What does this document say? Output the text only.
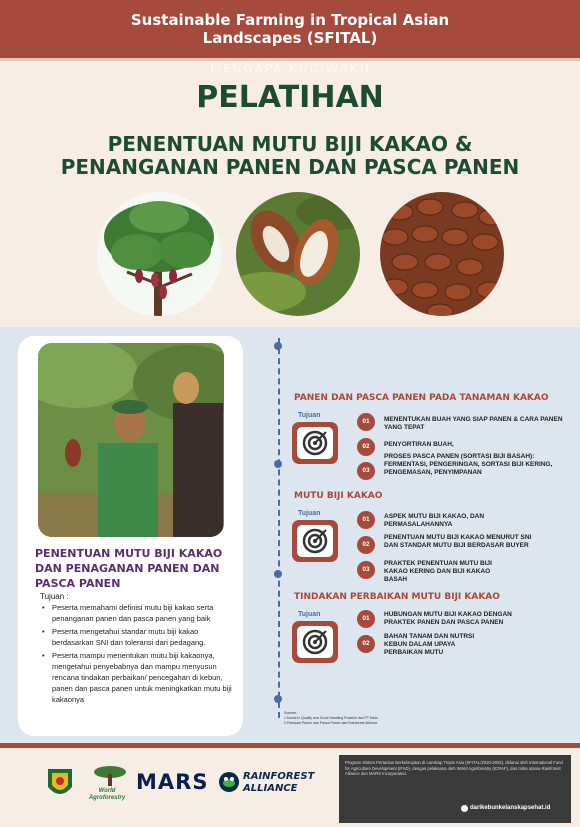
Sustainable Farming in Tropical Asian
Landscapes (SFITAL)
MENGAPA KUGIWAKU
PELATIHAN
PENENTUAN MUTU BIJI KAKAO &
PENANGANAN PANEN DAN PASCA PANEN
PENENTUAN MUTU BIJI KAKAO
DAN PENAGANAN PANEN DAN
PASCA PANEN
Tujuan :
• Peserta memahami definisi mutu biji kakao serta penanganan panen dan pasca panen yang baik
• Peserta mengetahui standar mutu biji kakao berdasarkan SNI dan toleransi dari pedagang.
• Peserta mampu menentukan mutu biji kakaonya, mengetahui penyebabnya dan mampu menyusun rencana tindakan perbaikan/ pencegahan di kebun, panen dan pasca panen untuk meningkatkan mutu biji kakaonya
PANEN DAN PASCA PANEN PADA TANAMAN KAKAO
Tujuan
01	MENENTUKAN BUAH YANG SIAP PANEN & CARA PANEN YANG TEPAT
02	PENYORTIRAN BUAH,
03
PROSES PASCA PANEN (SORTASI BIJI BASAH): FERMENTASI, PENGERINGAN, SORTASI BIJI KERING, PENGEMASAN, PENYIMPANAN
MUTU BIJI KAKAO
Tujuan
01	ASPEK MUTU BIJI KAKAO, DAN PERMASALAHANNYA
02
PENENTUAN MUTU BIJI KAKAO MENURUT SNI DAN STANDAR MUTU BIJI BERDASAR BUYER
03
PRAKTEK PENENTUAN MUTU BIJI KAKAO KERING DAN BIJI KAKAO BASAH
TINDAKAN PERBAIKAN MUTU BIJI KAKAO
Tujuan
01
HUBUNGAN MUTU BIJI KAKAO DENGAN PRAKTEK PANEN DAN PASCA PANEN
02
BAHAN TANAM DAN NUTRSI KEBUN DALAM UPAYA PERBAIKAN MUTU
Sumber :
1.Modul in Quality and Good Handling Practice dari PT Mars
2.Panduan Panen dan Pasca Panen dari Rainforest Alliance
World Agroforestry
MARS	RAINFOREST
ALLIANCE
Program Sistem Pertanian Berkelanjutan di Lanskap Tropis Asia (SFITAL/2020-2025), didanai oleh International Fund for Agriculture Development (IFAD), dengan pelaksana oleh World Agroforestry (ICRAF), dan mitra utama Rainforest Alliance dan MARS Incorporated.
darikebunkelanskapsehat.id
